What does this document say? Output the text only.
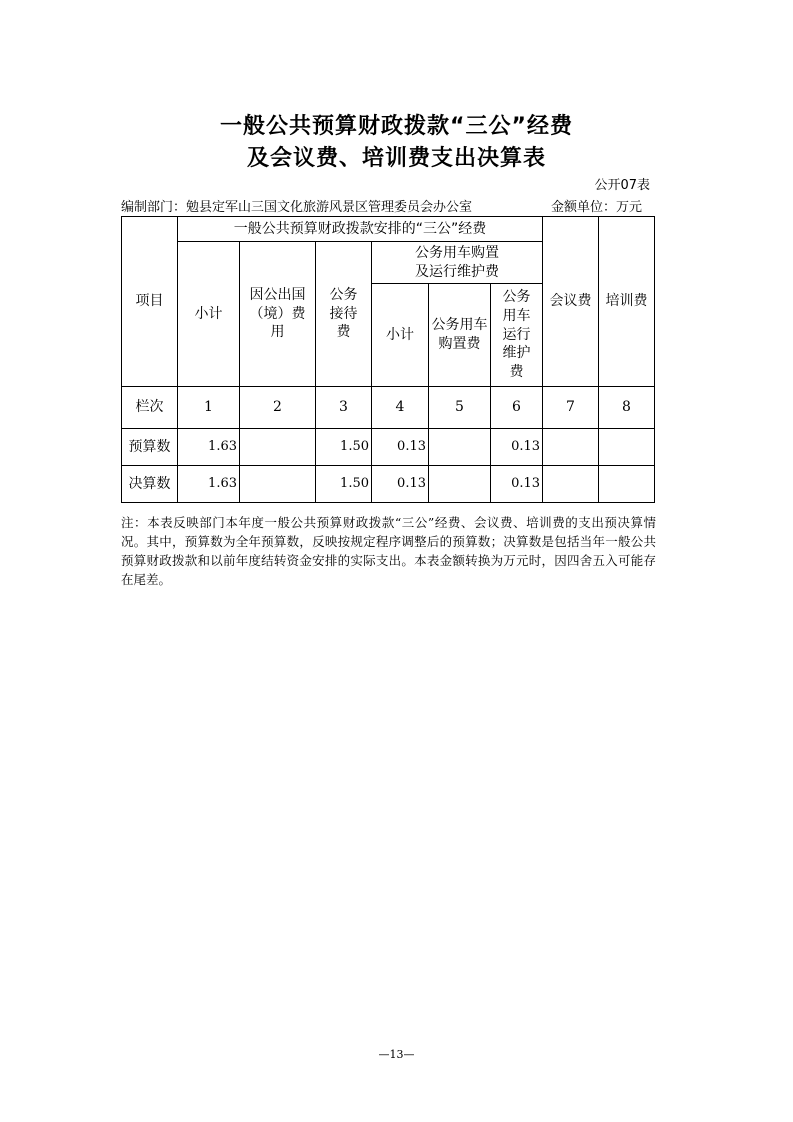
一般公共预算财政拨款“三公”经费
及会议费、培训费支出决算表
公开07表
编制部门：勉县定军山三国文化旅游风景区管理委员会办公室	金额单位：万元
项目	一般公共预算财政拨款安排的“三公”经费						会议费	培训费
	小计	因公出国（境）费用	公务接待费	公务用车购置及运行维护费				
				小计	公务用车购置费	公务用车运行维护费		
栏次	1	2	3	4	5	6	7	8
预算数	1.63		1.50	0.13		0.13		
决算数	1.63		1.50	0.13		0.13		
注：本表反映部门本年度一般公共预算财政拨款“三公”经费、会议费、培训费的支出预决算情况。其中，预算数为全年预算数，反映按规定程序调整后的预算数；决算数是包括当年一般公共预算财政拨款和以前年度结转资金安排的实际支出。本表金额转换为万元时，因四舍五入可能存在尾差。
—13—
